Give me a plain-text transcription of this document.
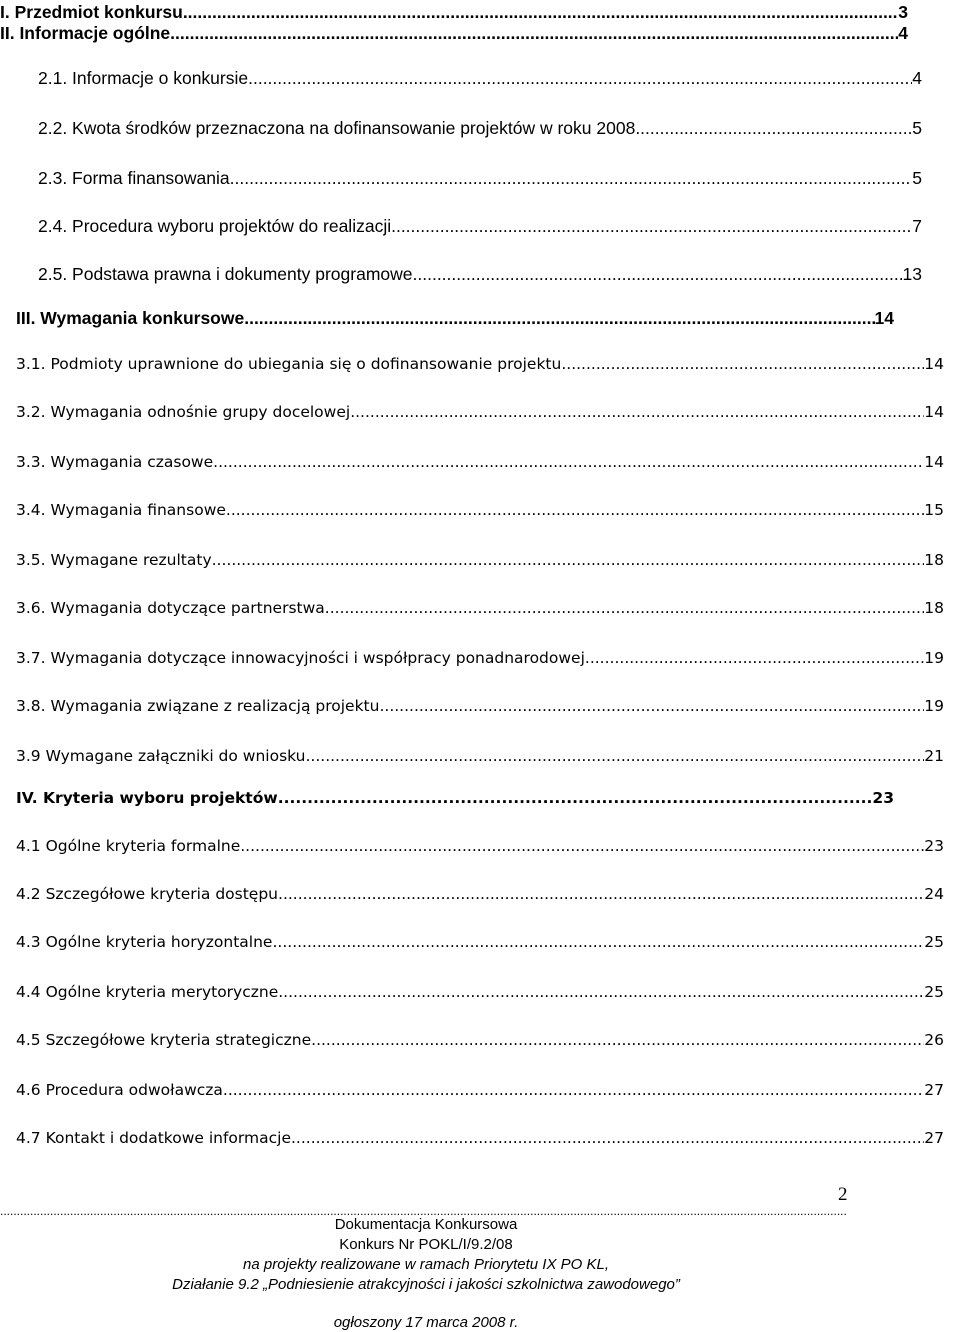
I. Przedmiot konkursu .....	3
II. Informacje ogólne .....	4
2.1. Informacje o konkursie .....	4
2.2. Kwota środków przeznaczona na dofinansowanie projektów w roku 2008 .....	5
2.3. Forma finansowania .....	5
2.4. Procedura wyboru projektów do realizacji .....	7
2.5. Podstawa prawna i dokumenty programowe. .....	13
III. Wymagania konkursowe .....	14
3.1. Podmioty uprawnione do ubiegania się o dofinansowanie projektu .....	14
3.2. Wymagania odnośnie grupy docelowej .....	14
3.3. Wymagania czasowe .....	14
3.4. Wymagania finansowe .....	15
3.5. Wymagane rezultaty .....	18
3.6. Wymagania dotyczące partnerstwa .....	18
3.7. Wymagania dotyczące innowacyjności i współpracy ponadnarodowej .....	19
3.8. Wymagania związane z realizacją projektu .....	19
3.9 Wymagane załączniki do wniosku .....	21
IV. Kryteria wyboru projektów .....	23
4.1 Ogólne kryteria formalne .....	23
4.2 Szczegółowe kryteria dostępu .....	24
4.3 Ogólne kryteria horyzontalne .....	25
4.4 Ogólne kryteria merytoryczne .....	25
4.5 Szczegółowe kryteria strategiczne .....	26
4.6 Procedura odwoławcza .....	27
4.7 Kontakt i dodatkowe informacje .....	27
2
.....
Dokumentacja Konkursowa
Konkurs Nr POKL/I/9.2/08
na projekty realizowane w ramach Priorytetu IX PO KL,
Działanie 9.2 „Podniesienie atrakcyjności i jakości szkolnictwa zawodowego”
ogłoszony 17 marca 2008 r.
